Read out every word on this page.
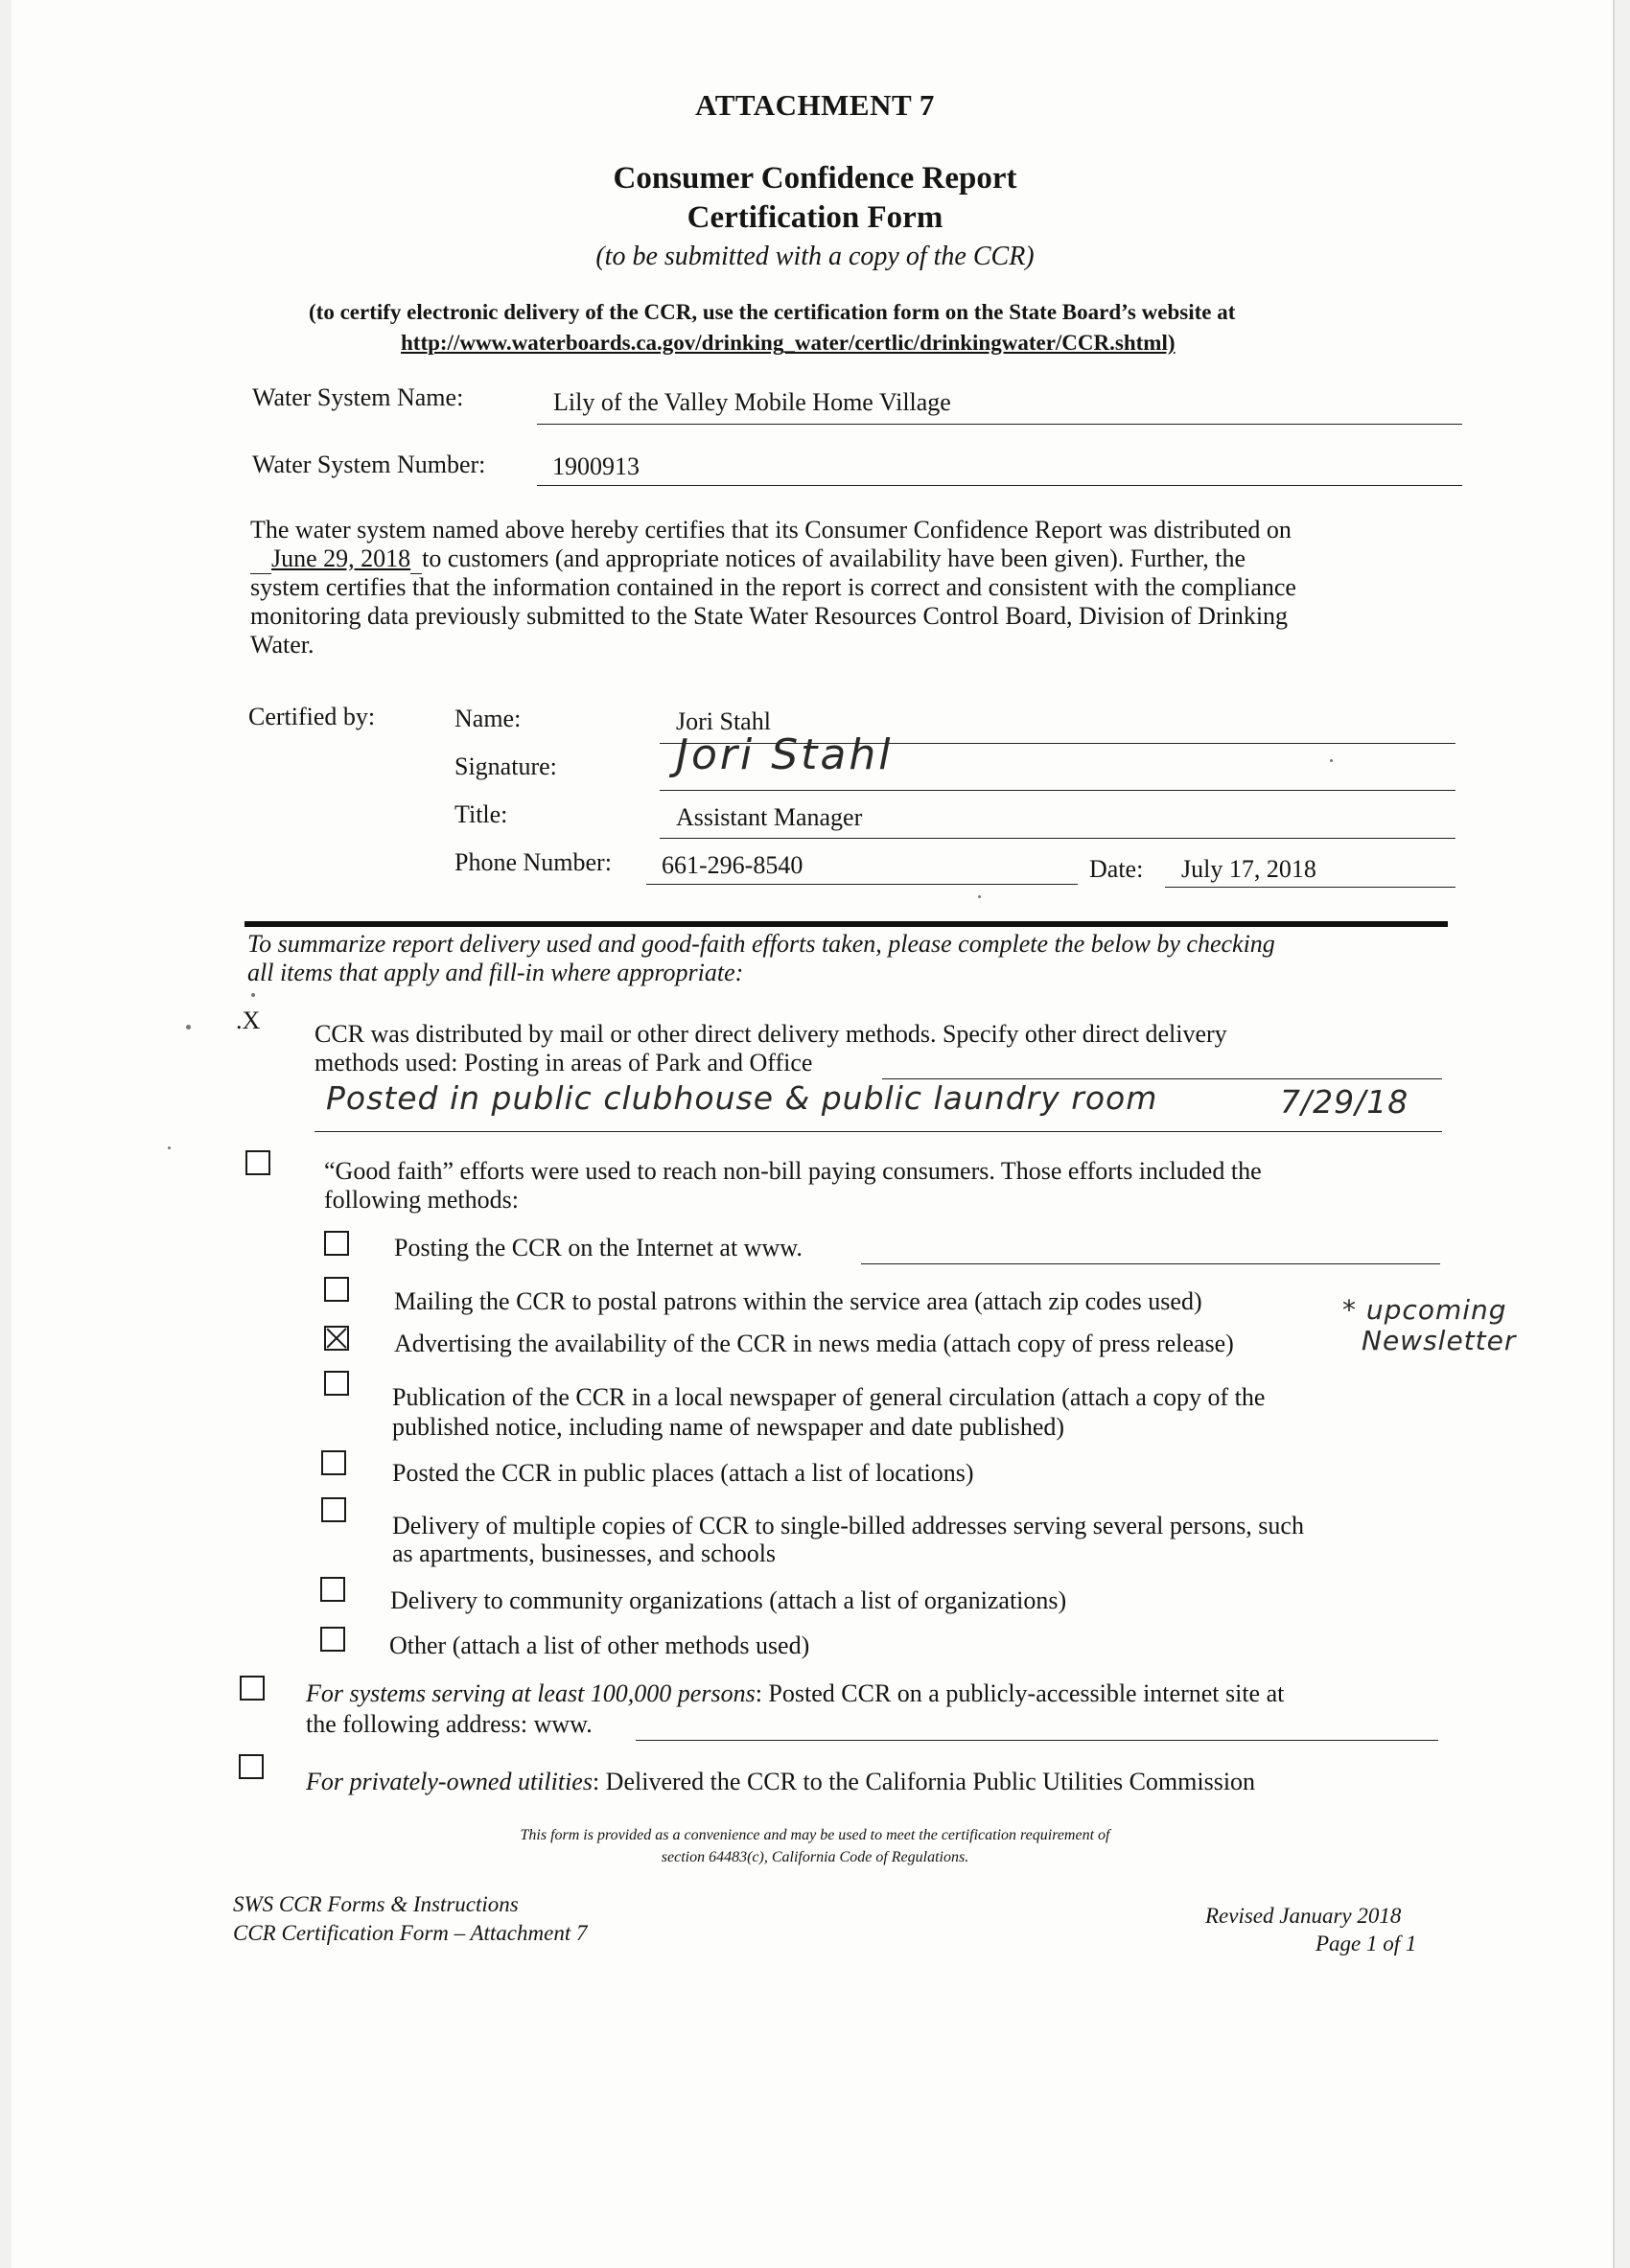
ATTACHMENT 7
Consumer Confidence Report
Certification Form
(to be submitted with a copy of the CCR)
(to certify electronic delivery of the CCR, use the certification form on the State Board’s website at
http://www.waterboards.ca.gov/drinking_water/certlic/drinkingwater/CCR.shtml)
Water System Name:	Lily of the Valley Mobile Home Village
Water System Number:	1900913
The water system named above hereby certifies that its Consumer Confidence Report was distributed on
June 29, 2018 to customers (and appropriate notices of availability have been given). Further, the
system certifies that the information contained in the report is correct and consistent with the compliance
monitoring data previously submitted to the State Water Resources Control Board, Division of Drinking
Water.
Certified by:	Name:	Jori Stahl
Signature:	Jori Stahl
Title:	Assistant Manager
Phone Number: 661-296-8540	Date: July 17, 2018
To summarize report delivery used and good-faith efforts taken, please complete the below by checking
all items that apply and fill-in where appropriate:
.X CCR was distributed by mail or other direct delivery methods. Specify other direct delivery
methods used: Posting in areas of Park and Office
Posted in public clubhouse & public laundry room	7/29/18
“Good faith” efforts were used to reach non-bill paying consumers. Those efforts included the
following methods:
Posting the CCR on the Internet at www.
Mailing the CCR to postal patrons within the service area (attach zip codes used)
Advertising the availability of the CCR in news media (attach copy of press release)
* upcoming
Newsletter
Publication of the CCR in a local newspaper of general circulation (attach a copy of the
published notice, including name of newspaper and date published)
Posted the CCR in public places (attach a list of locations)
Delivery of multiple copies of CCR to single-billed addresses serving several persons, such
as apartments, businesses, and schools
Delivery to community organizations (attach a list of organizations)
Other (attach a list of other methods used)
For systems serving at least 100,000 persons: Posted CCR on a publicly-accessible internet site at
the following address: www.
For privately-owned utilities: Delivered the CCR to the California Public Utilities Commission
This form is provided as a convenience and may be used to meet the certification requirement of
section 64483(c), California Code of Regulations.
SWS CCR Forms & Instructions
CCR Certification Form – Attachment 7
Revised January 2018
Page 1 of 1
